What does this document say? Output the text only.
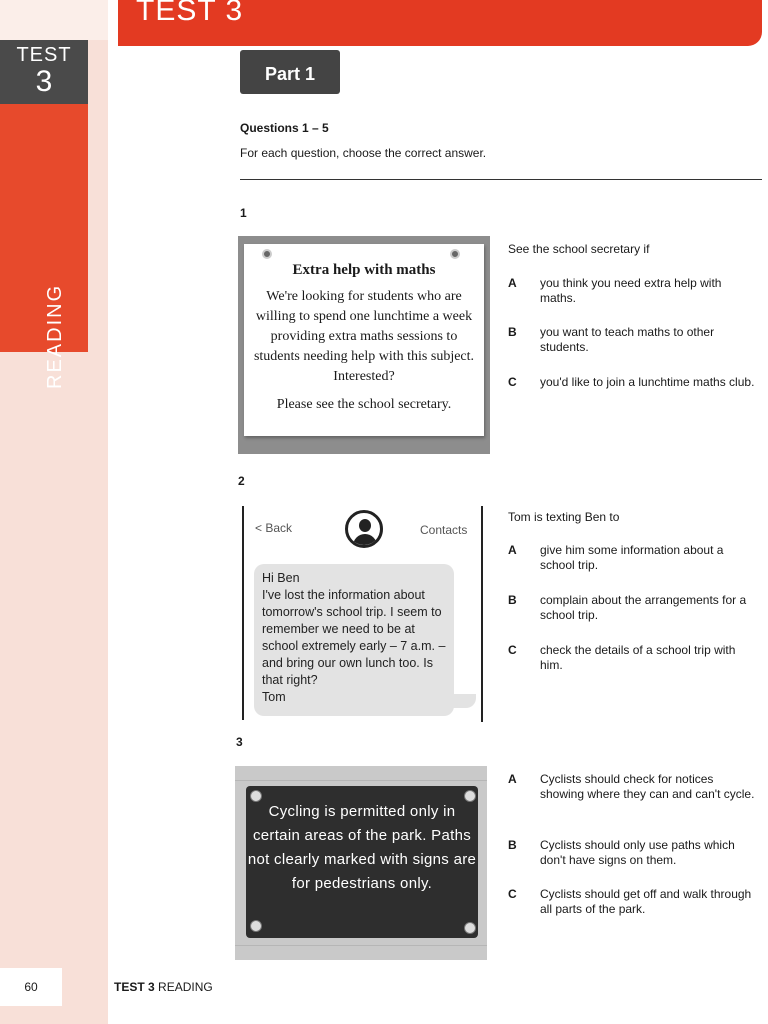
TEST
3
READING
60	TEST 3 READING
TEST 3
Part 1
Questions 1 – 5
For each question, choose the correct answer.
1
Extra help with maths
We're looking for students who are willing to spend one lunchtime a week providing extra maths sessions to students needing help with this subject. Interested?
Please see the school secretary.
See the school secretary if
A	you think you need extra help with maths.
B	you want to teach maths to other students.
C	you'd like to join a lunchtime maths club.
2
< Back	Contacts
Hi Ben
I've lost the information about tomorrow's school trip. I seem to remember we need to be at school extremely early – 7 a.m. – and bring our own lunch too. Is that right?
Tom
Tom is texting Ben to
A	give him some information about a school trip.
B	complain about the arrangements for a school trip.
C	check the details of a school trip with him.
3
Cycling is permitted only in certain areas of the park. Paths not clearly marked with signs are for pedestrians only.
A	Cyclists should check for notices showing where they can and can't cycle.
B	Cyclists should only use paths which don't have signs on them.
C	Cyclists should get off and walk through all parts of the park.
